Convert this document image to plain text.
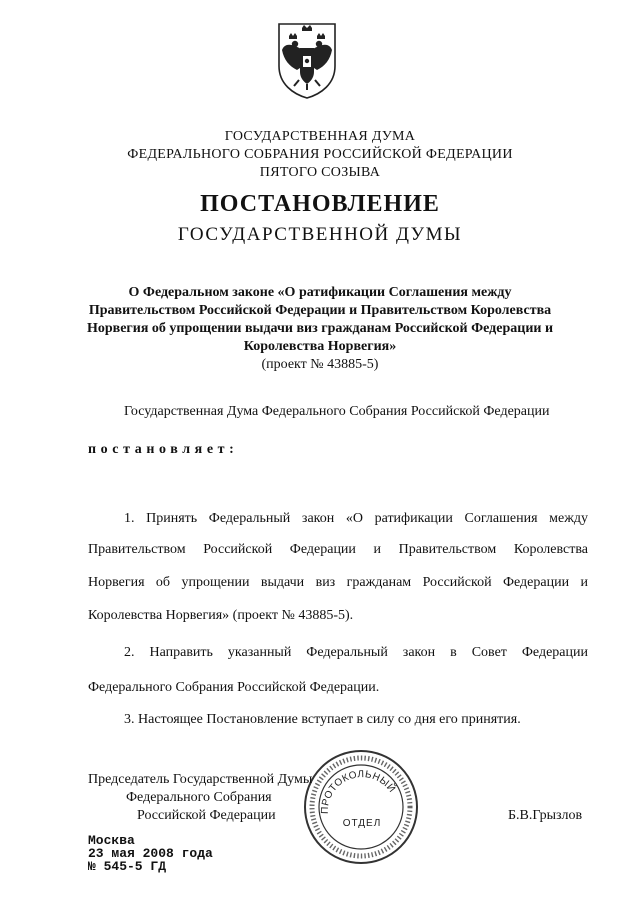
ГОСУДАРСТВЕННАЯ ДУМА
ФЕДЕРАЛЬНОГО СОБРАНИЯ РОССИЙСКОЙ ФЕДЕРАЦИИ
ПЯТОГО СОЗЫВА
ПОСТАНОВЛЕНИЕ
ГОСУДАРСТВЕННОЙ ДУМЫ
О Федеральном законе «О ратификации Соглашения между
Правительством Российской Федерации и Правительством Королевства
Норвегия об упрощении выдачи виз гражданам Российской Федерации и
Королевства Норвегия»
(проект № 43885-5)
Государственная Дума Федерального Собрания Российской Федерации
постановляет:
1. Принять Федеральный закон «О ратификации Соглашения между
Правительством Российской Федерации и Правительством Королевства
Норвегия об упрощении выдачи виз гражданам Российской Федерации и
Королевства Норвегия» (проект № 43885-5).
2. Направить указанный Федеральный закон в Совет Федерации
Федерального Собрания Российской Федерации.
3. Настоящее Постановление вступает в силу со дня его принятия.
ПРОТОКОЛЬНЫЙ
ОТДЕЛ
Председатель Государственной Думы
Федерального Собрания
Российской Федерации	Б.В.Грызлов
Москва
23 мая 2008 года
№ 545-5 ГД
